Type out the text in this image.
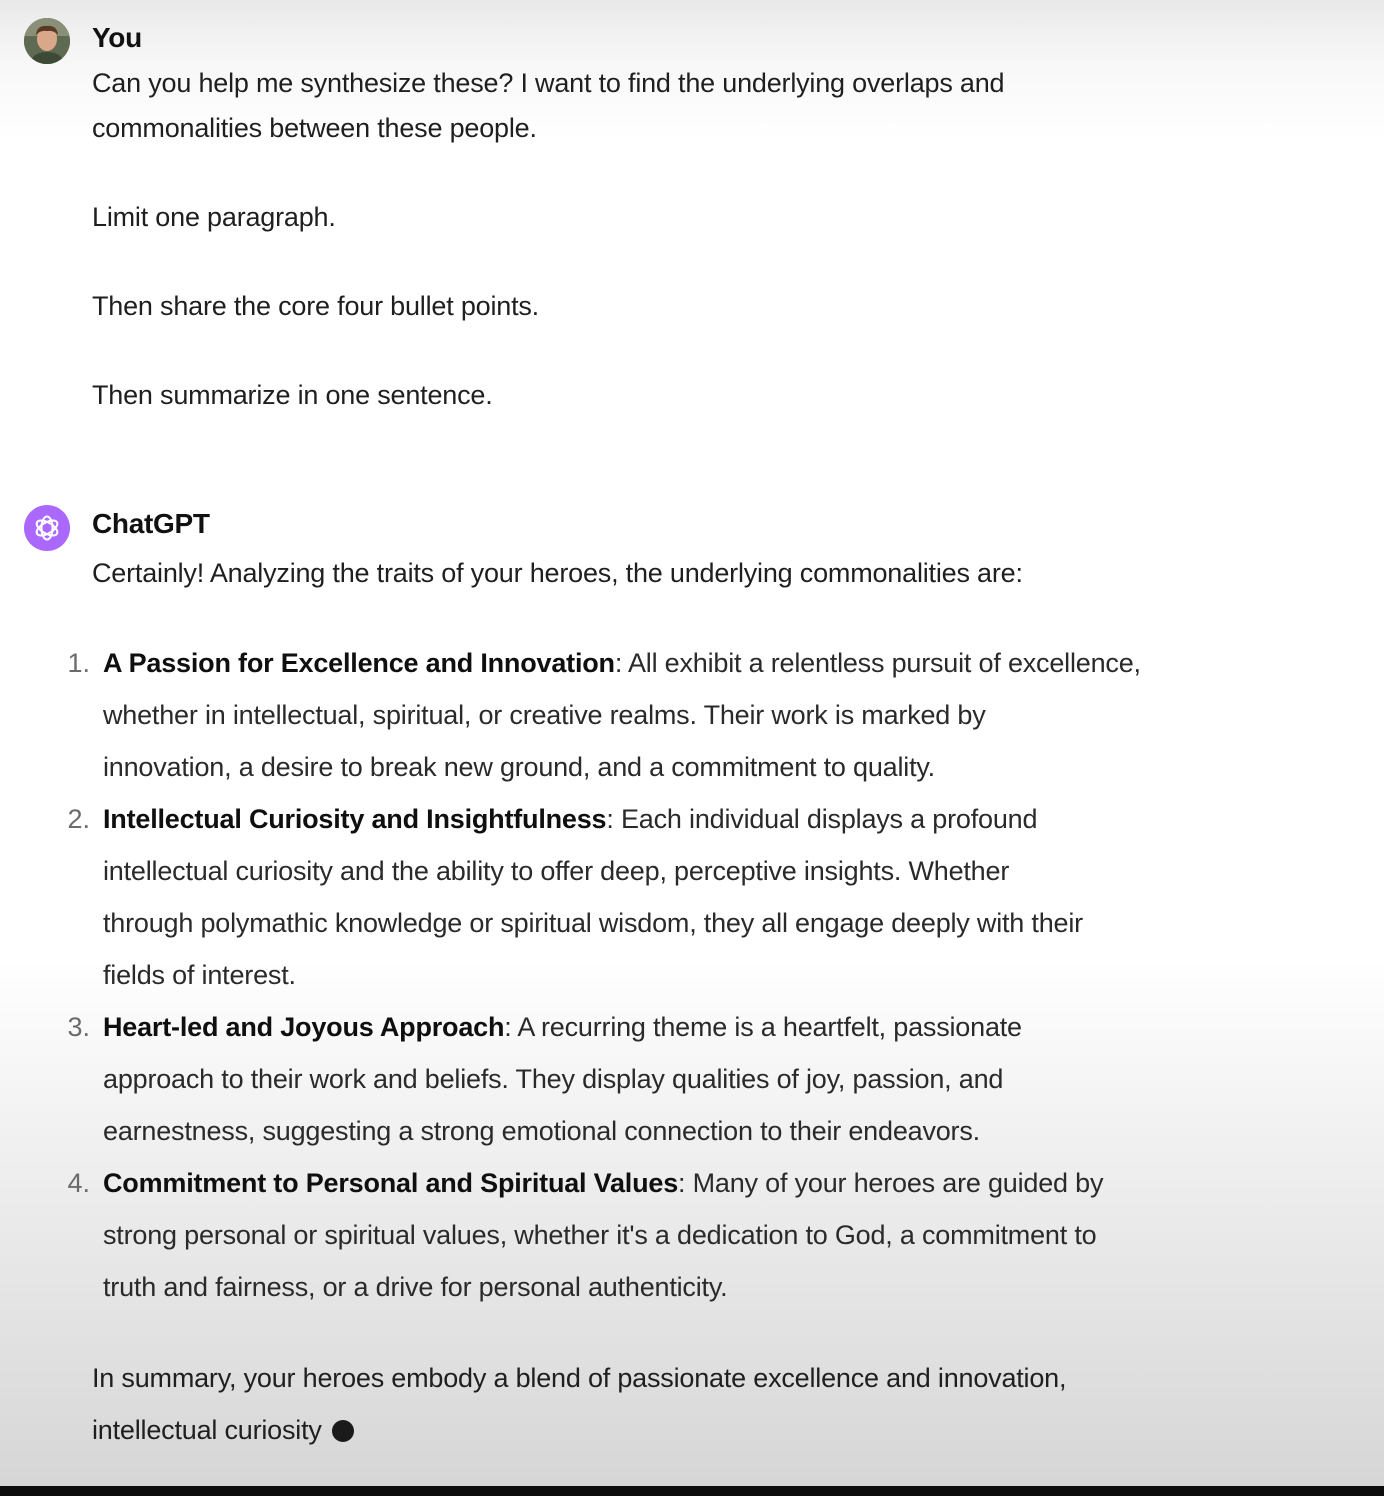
You
Can you help me synthesize these? I want to find the underlying overlaps and
commonalities between these people.
Limit one paragraph.
Then share the core four bullet points.
Then summarize in one sentence.
ChatGPT
Certainly! Analyzing the traits of your heroes, the underlying commonalities are:
1. A Passion for Excellence and Innovation: All exhibit a relentless pursuit of excellence,
whether in intellectual, spiritual, or creative realms. Their work is marked by
innovation, a desire to break new ground, and a commitment to quality.
2. Intellectual Curiosity and Insightfulness: Each individual displays a profound
intellectual curiosity and the ability to offer deep, perceptive insights. Whether
through polymathic knowledge or spiritual wisdom, they all engage deeply with their
fields of interest.
3. Heart-led and Joyous Approach: A recurring theme is a heartfelt, passionate
approach to their work and beliefs. They display qualities of joy, passion, and
earnestness, suggesting a strong emotional connection to their endeavors.
4. Commitment to Personal and Spiritual Values: Many of your heroes are guided by
strong personal or spiritual values, whether it's a dedication to God, a commitment to
truth and fairness, or a drive for personal authenticity.
In summary, your heroes embody a blend of passionate excellence and innovation,
intellectual curiosity
